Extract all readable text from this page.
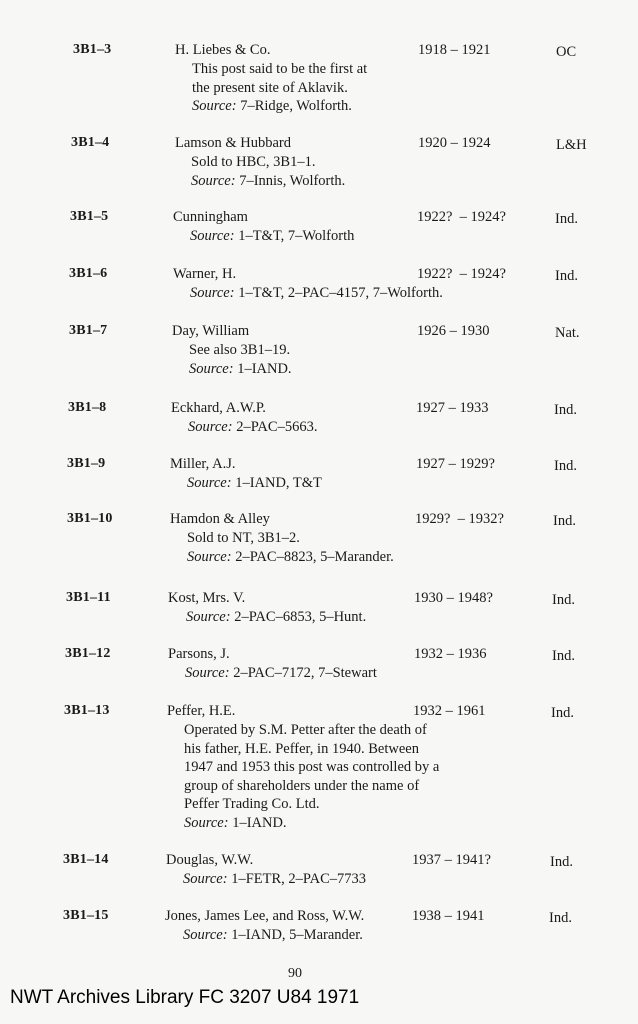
3B1–3	H. Liebes & Co.	1918 – 1921	OC
This post said to be the first at
the present site of Aklavik.
Source: 7–Ridge, Wolforth.
3B1–4	Lamson & Hubbard	1920 – 1924	L&H
Sold to HBC, 3B1–1.
Source: 7–Innis, Wolforth.
3B1–5	Cunningham	1922?  – 1924?	Ind.
Source: 1–T&T, 7–Wolforth
3B1–6	Warner, H.	1922?  – 1924?	Ind.
Source: 1–T&T, 2–PAC–4157, 7–Wolforth.
3B1–7	Day, William	1926 – 1930	Nat.
See also 3B1–19.
Source: 1–IAND.
3B1–8	Eckhard, A.W.P.	1927 – 1933	Ind.
Source: 2–PAC–5663.
3B1–9	Miller, A.J.	1927 – 1929?	Ind.
Source: 1–IAND, T&T
3B1–10	Hamdon & Alley	1929?  – 1932?	Ind.
Sold to NT, 3B1–2.
Source: 2–PAC–8823, 5–Marander.
3B1–11	Kost, Mrs. V.	1930 – 1948?	Ind.
Source: 2–PAC–6853, 5–Hunt.
3B1–12	Parsons, J.	1932 – 1936	Ind.
Source: 2–PAC–7172, 7–Stewart
3B1–13	Peffer, H.E.	1932 – 1961	Ind.
Operated by S.M. Petter after the death of
his father, H.E. Peffer, in 1940. Between
1947 and 1953 this post was controlled by a
group of shareholders under the name of
Peffer Trading Co. Ltd.
Source: 1–IAND.
3B1–14	Douglas, W.W.	1937 – 1941?	Ind.
Source: 1–FETR, 2–PAC–7733
3B1–15	Jones, James Lee, and Ross, W.W.	1938 – 1941	Ind.
Source: 1–IAND, 5–Marander.
90
NWT Archives Library FC 3207 U84 1971
